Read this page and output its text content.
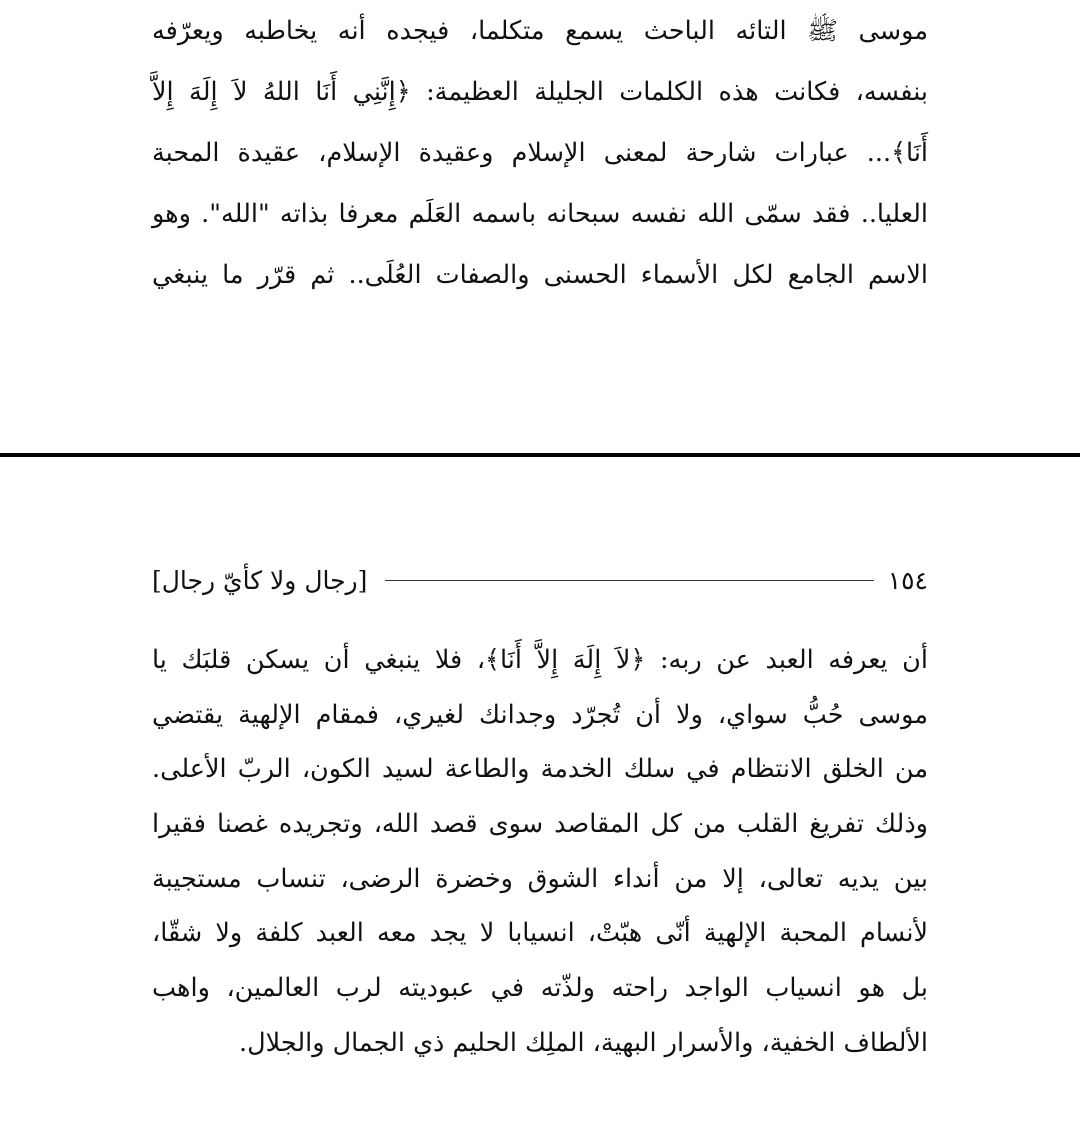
موسى ﷺ التائه الباحث يسمع متكلما، فيجده أنه يخاطبه ويعرّفه
بنفسه، فكانت هذه الكلمات الجليلة العظيمة: ﴿إِنَّنِي أَنَا اللهُ لاَ إِلَهَ إِلاَّ
أَنَا﴾... عبارات شارحة لمعنى الإسلام وعقيدة الإسلام، عقيدة المحبة
العليا.. فقد سمّى الله نفسه سبحانه باسمه العَلَم معرفا بذاته "الله". وهو
الاسم الجامع لكل الأسماء الحسنى والصفات العُلَى.. ثم قرّر ما ينبغي
١٥٤
[رجال ولا كأيّ رجال]
أن يعرفه العبد عن ربه: ﴿لاَ إِلَهَ إِلاَّ أَنَا﴾، فلا ينبغي أن يسكن قلبَك يا
موسى حُبُّ سواي، ولا أن تُجرّد وجدانك لغيري، فمقام الإلهية يقتضي
من الخلق الانتظام في سلك الخدمة والطاعة لسيد الكون، الربّ الأعلى.
وذلك تفريغ القلب من كل المقاصد سوى قصد الله، وتجريده غصنا فقيرا
بين يديه تعالى، إلا من أنداء الشوق وخضرة الرضى، تنساب مستجيبة
لأنسام المحبة الإلهية أنّى هبّتْ، انسيابا لا يجد معه العبد كلفة ولا شقّا،
بل هو انسياب الواجد راحته ولذّته في عبوديته لرب العالمين، واهب
الألطاف الخفية، والأسرار البهية، الملِك الحليم ذي الجمال والجلال.
